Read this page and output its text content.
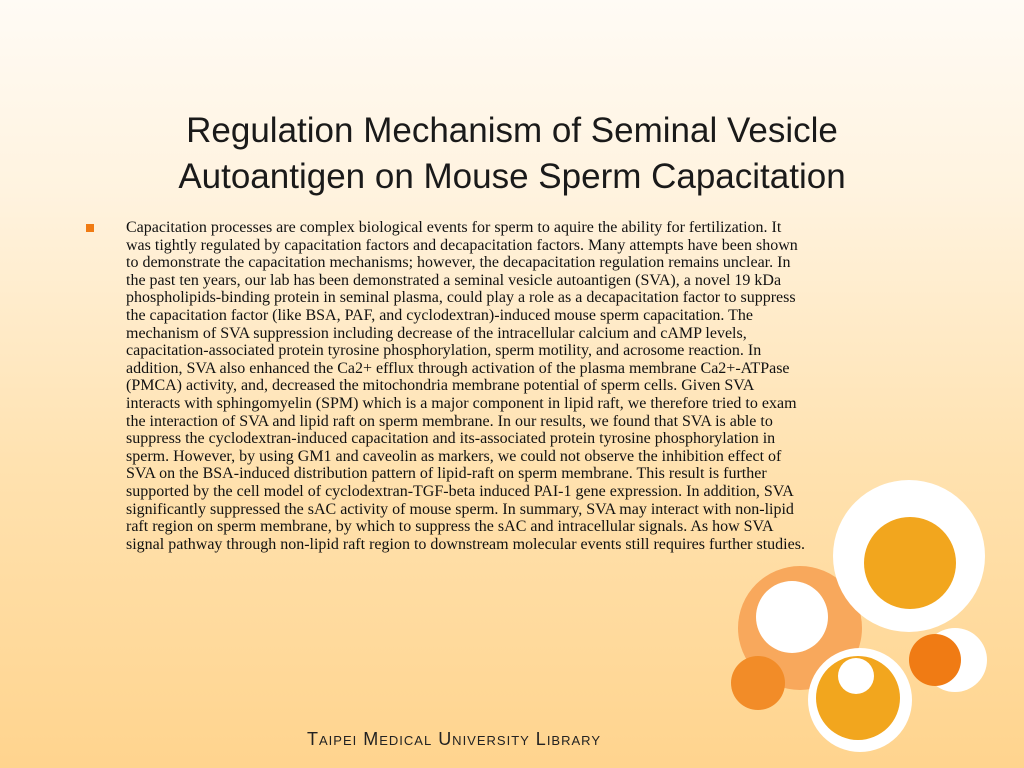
Regulation Mechanism of Seminal Vesicle
Autoantigen on Mouse Sperm Capacitation

Capacitation processes are complex biological events for sperm to aquire the ability for fertilization. It
was tightly regulated by capacitation factors and decapacitation factors. Many attempts have been shown
to demonstrate the capacitation mechanisms; however, the decapacitation regulation remains unclear. In
the past ten years, our lab has been demonstrated a seminal vesicle autoantigen (SVA), a novel 19 kDa
phospholipids-binding protein in seminal plasma, could play a role as a decapacitation factor to suppress
the capacitation factor (like BSA, PAF, and cyclodextran)-induced mouse sperm capacitation. The
mechanism of SVA suppression including decrease of the intracellular calcium and cAMP levels,
capacitation-associated protein tyrosine phosphorylation, sperm motility, and acrosome reaction. In
addition, SVA also enhanced the Ca2+ efflux through activation of the plasma membrane Ca2+-ATPase
(PMCA) activity, and, decreased the mitochondria membrane potential of sperm cells. Given SVA
interacts with sphingomyelin (SPM) which is a major component in lipid raft, we therefore tried to exam
the interaction of SVA and lipid raft on sperm membrane. In our results, we found that SVA is able to
suppress the cyclodextran-induced capacitation and its-associated protein tyrosine phosphorylation in
sperm. However, by using GM1 and caveolin as markers, we could not observe the inhibition effect of
SVA on the BSA-induced distribution pattern of lipid-raft on sperm membrane. This result is further
supported by the cell model of cyclodextran-TGF-beta induced PAI-1 gene expression. In addition, SVA
significantly suppressed the sAC activity of mouse sperm. In summary, SVA may interact with non-lipid
raft region on sperm membrane, by which to suppress the sAC and intracellular signals. As how SVA
signal pathway through non-lipid raft region to downstream molecular events still requires further studies.

Taipei Medical University Library
